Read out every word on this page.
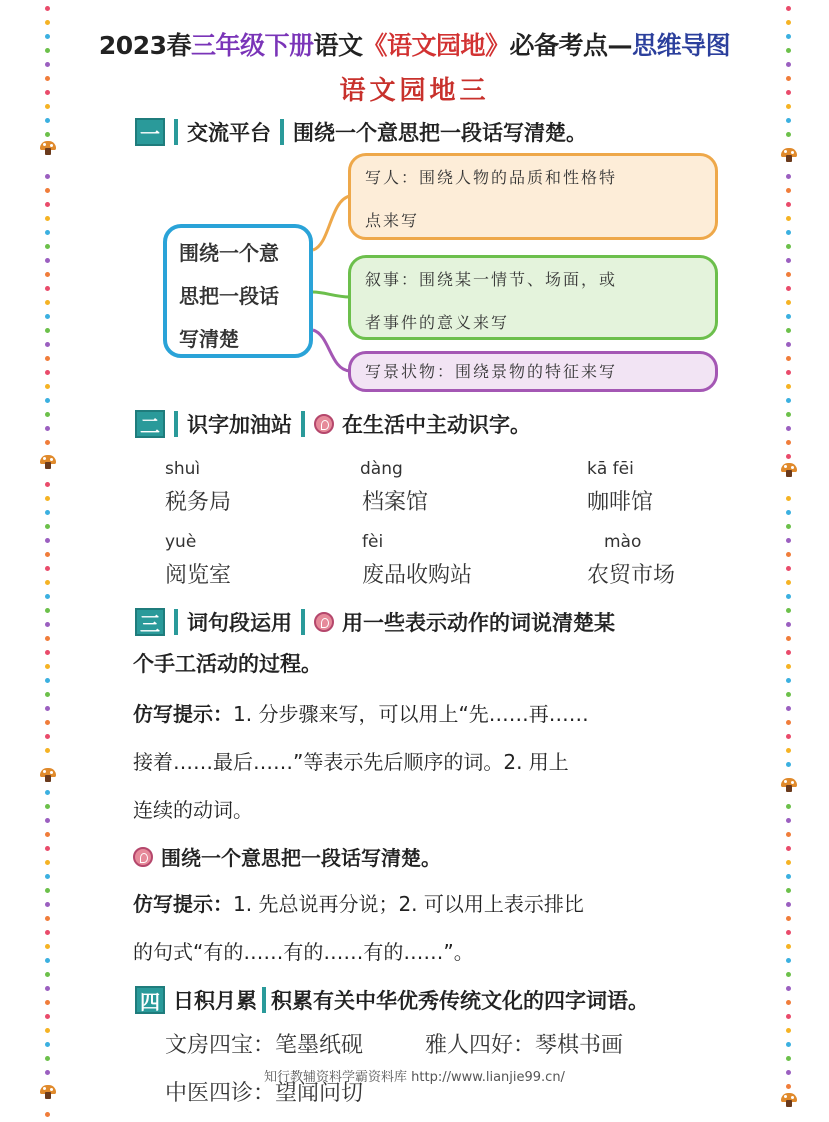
2023春三年级下册语文《语文园地》必备考点—思维导图
语文园地三
一 交流平台 围绕一个意思把一段话写清楚。
围绕一个意
思把一段话
写清楚
写人：围绕人物的品质和性格特
点来写
叙事：围绕某一情节、场面，或
者事件的意义来写
写景状物：围绕景物的特征来写
二 识字加油站 在生活中主动识字。
shuì
税务局
dàng
档案馆
kā fēi
咖啡馆
yuè
阅览室
fèi
废品收购站
mào
农贸市场
三 词句段运用 用一些表示动作的词说清楚某
个手工活动的过程。
仿写提示：1. 分步骤来写，可以用上“先……再……
接着……最后……”等表示先后顺序的词。2. 用上
连续的动词。
围绕一个意思把一段话写清楚。
仿写提示：1. 先总说再分说；2. 可以用上表示排比
的句式“有的……有的……有的……”。
四 日积月累 积累有关中华优秀传统文化的四字词语。
文房四宝：笔墨纸砚	雅人四好：琴棋书画
中医四诊：望闻问切
知行教辅资料学霸资料库 http://www.lianjie99.cn/
